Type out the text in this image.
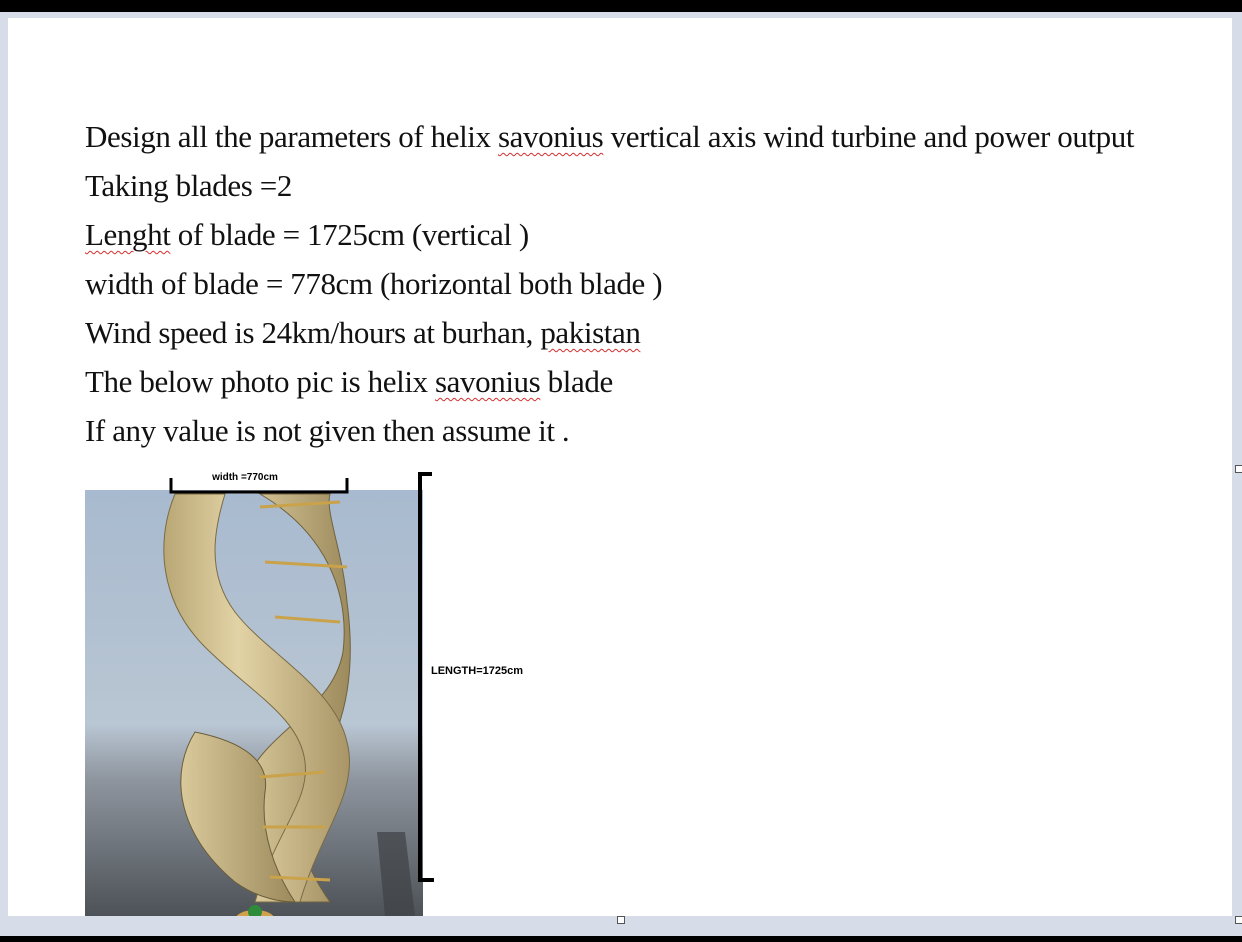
Design all the parameters of helix savonius vertical axis wind turbine and power output
Taking blades =2
Lenght of blade = 1725cm (vertical )
width of blade = 778cm (horizontal both blade )
Wind speed is 24km/hours at burhan, pakistan
The below photo pic is helix savonius blade
If any value is not given then assume it .
width =770cm
LENGTH=1725cm
